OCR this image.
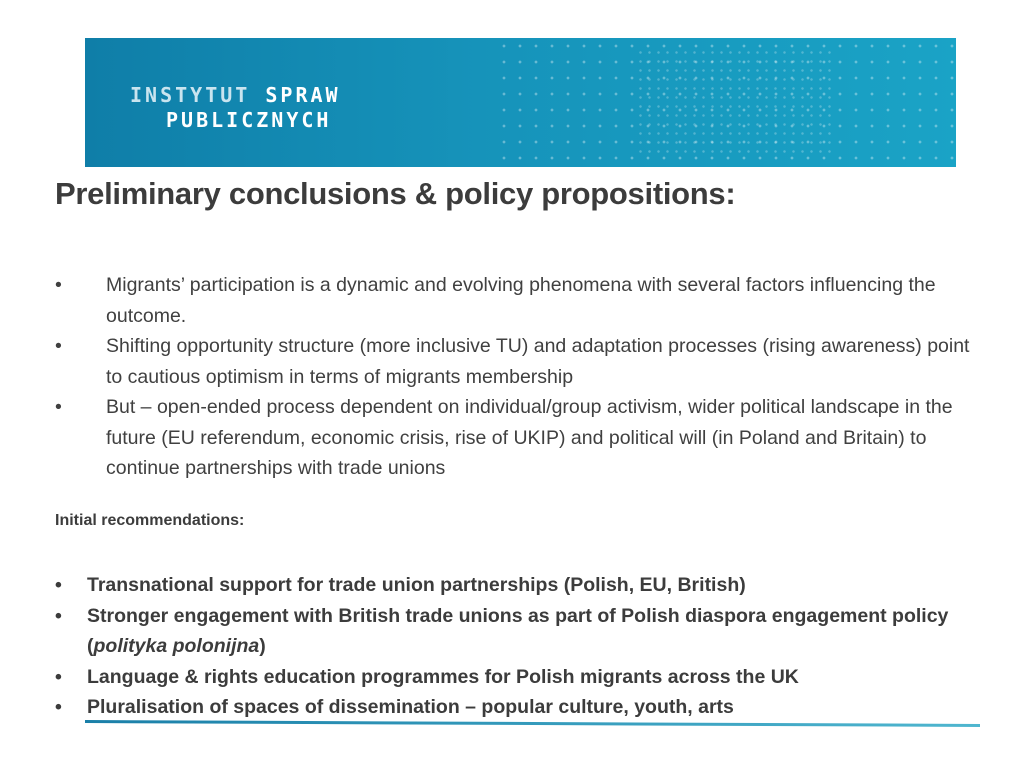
INSTYTUT SPRAW
PUBLICZNYCH
Preliminary conclusions & policy propositions:
• Migrants’ participation is a dynamic and evolving phenomena with several factors influencing the outcome.
• Shifting opportunity structure (more inclusive TU) and adaptation processes (rising awareness) point to cautious optimism in terms of migrants membership
• But – open-ended process dependent on individual/group activism, wider political landscape in the future (EU referendum, economic crisis, rise of UKIP) and political will (in Poland and Britain) to continue partnerships with trade unions

Initial recommendations:

• Transnational support for trade union partnerships (Polish, EU, British)
• Stronger engagement with British trade unions as part of Polish diaspora engagement policy (polityka polonijna)
• Language & rights education programmes for Polish migrants across the UK
• Pluralisation of spaces of dissemination – popular culture, youth, arts
